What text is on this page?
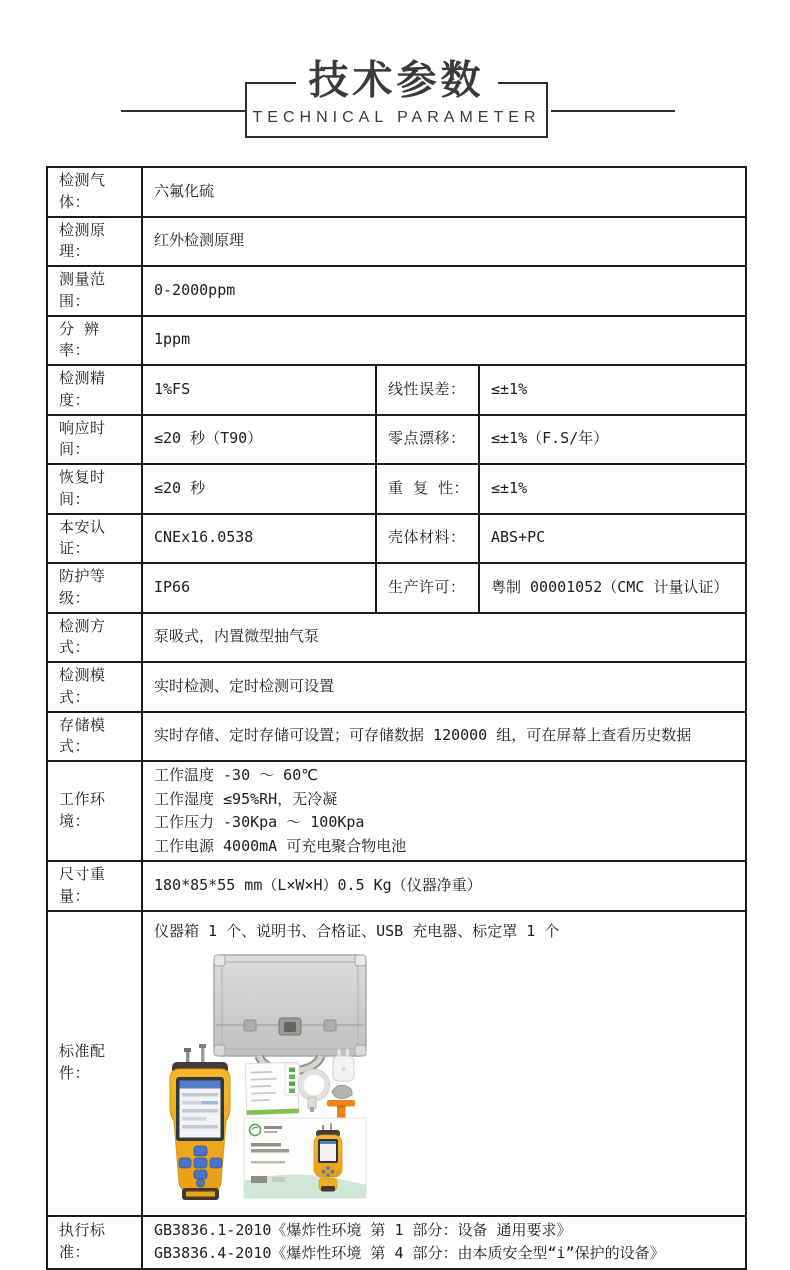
技术参数
TECHNICAL PARAMETER
检测气体：	六氟化硫		
检测原理：	红外检测原理		
测量范围：	0-2000ppm		
分 辨 率：	1ppm		
检测精度：	1%FS	线性误差：	≤±1%
响应时间：	≤20 秒（T90）	零点漂移：	≤±1%（F.S/年）
恢复时间：	≤20 秒	重 复 性：	≤±1%
本安认证：	CNEx16.0538	壳体材料：	ABS+PC
防护等级：	IP66	生产许可：	粤制 00001052（CMC 计量认证）
检测方式：	泵吸式，内置微型抽气泵		
检测模式：	实时检测、定时检测可设置		
存储模式：	实时存储、定时存储可设置；可存储数据 120000 组，可在屏幕上查看历史数据		
工作环境：	工作温度 -30 ～ 60℃
工作湿度 ≤95%RH，无冷凝
工作压力 -30Kpa ～ 100Kpa
工作电源 4000mA 可充电聚合物电池		

尺寸重量：	180*85*55 mm（L×W×H）0.5 Kg（仪器净重）		
标准配件：	仪器箱 1 个、说明书、合格证、USB 充电器、标定罩 1 个		

执行标准：	GB3836.1-2010《爆炸性环境 第 1 部分：设备 通用要求》
GB3836.4-2010《爆炸性环境 第 4 部分：由本质安全型“i”保护的设备》		
